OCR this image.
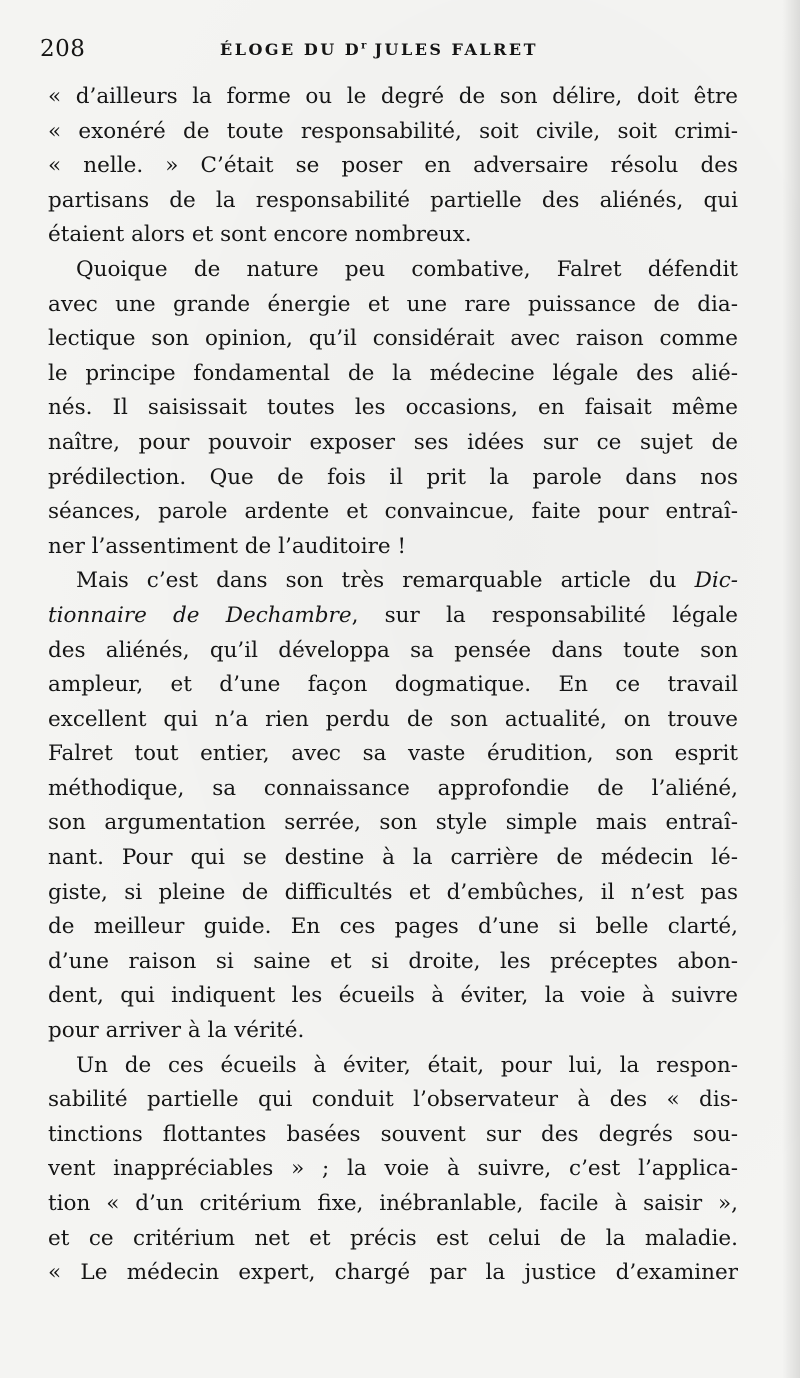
208	ÉLOGE DU $D^r$ JULES FALRET
« d’ailleurs la forme ou le degré de son délire, doit être
« exonéré de toute responsabilité, soit civile, soit crimi-
« nelle. » C’était se poser en adversaire résolu des
partisans de la responsabilité partielle des aliénés, qui
étaient alors et sont encore nombreux.
Quoique de nature peu combative, Falret défendit
avec une grande énergie et une rare puissance de dia-
lectique son opinion, qu’il considérait avec raison comme
le principe fondamental de la médecine légale des alié-
nés. Il saisissait toutes les occasions, en faisait même
naître, pour pouvoir exposer ses idées sur ce sujet de
prédilection. Que de fois il prit la parole dans nos
séances, parole ardente et convaincue, faite pour entraî-
ner l’assentiment de l’auditoire !
Mais c’est dans son très remarquable article du Dic-
tionnaire de Dechambre, sur la responsabilité légale
des aliénés, qu’il développa sa pensée dans toute son
ampleur, et d’une façon dogmatique. En ce travail
excellent qui n’a rien perdu de son actualité, on trouve
Falret tout entier, avec sa vaste érudition, son esprit
méthodique, sa connaissance approfondie de l’aliéné,
son argumentation serrée, son style simple mais entraî-
nant. Pour qui se destine à la carrière de médecin lé-
giste, si pleine de difficultés et d’embûches, il n’est pas
de meilleur guide. En ces pages d’une si belle clarté,
d’une raison si saine et si droite, les préceptes abon-
dent, qui indiquent les écueils à éviter, la voie à suivre
pour arriver à la vérité.
Un de ces écueils à éviter, était, pour lui, la respon-
sabilité partielle qui conduit l’observateur à des « dis-
tinctions flottantes basées souvent sur des degrés sou-
vent inappréciables » ; la voie à suivre, c’est l’applica-
tion « d’un critérium fixe, inébranlable, facile à saisir »,
et ce critérium net et précis est celui de la maladie.
« Le médecin expert, chargé par la justice d’examiner
